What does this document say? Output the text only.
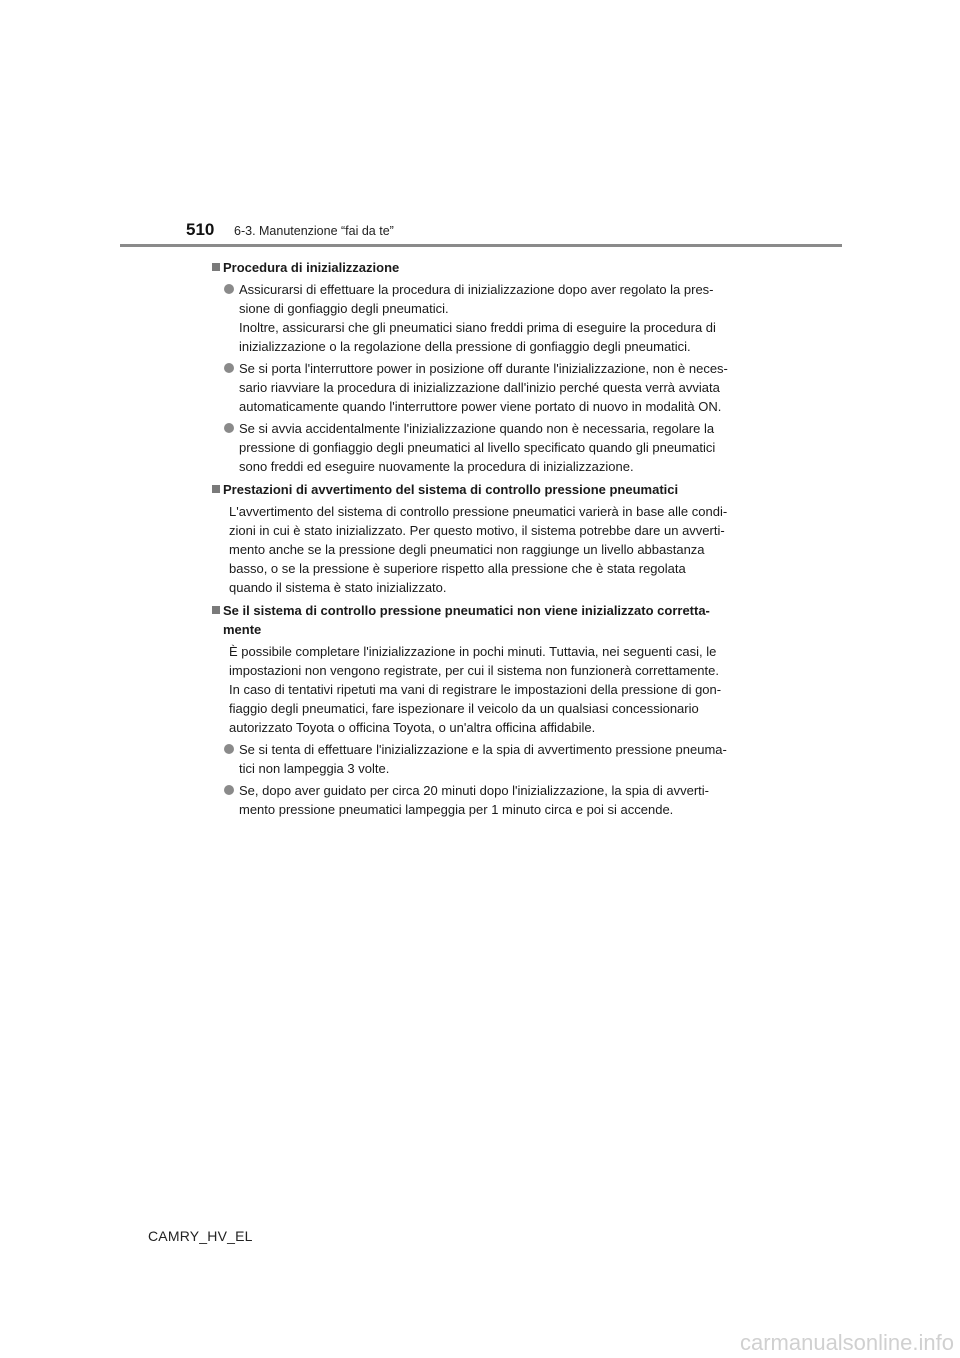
510 6-3. Manutenzione “fai da te”
Procedura di inizializzazione
Assicurarsi di effettuare la procedura di inizializzazione dopo aver regolato la pres-
sione di gonfiaggio degli pneumatici.
Inoltre, assicurarsi che gli pneumatici siano freddi prima di eseguire la procedura di
inizializzazione o la regolazione della pressione di gonfiaggio degli pneumatici.
Se si porta l'interruttore power in posizione off durante l'inizializzazione, non è neces-
sario riavviare la procedura di inizializzazione dall'inizio perché questa verrà avviata
automaticamente quando l'interruttore power viene portato di nuovo in modalità ON.
Se si avvia accidentalmente l'inizializzazione quando non è necessaria, regolare la
pressione di gonfiaggio degli pneumatici al livello specificato quando gli pneumatici
sono freddi ed eseguire nuovamente la procedura di inizializzazione.
Prestazioni di avvertimento del sistema di controllo pressione pneumatici
L'avvertimento del sistema di controllo pressione pneumatici varierà in base alle condi-
zioni in cui è stato inizializzato. Per questo motivo, il sistema potrebbe dare un avverti-
mento anche se la pressione degli pneumatici non raggiunge un livello abbastanza
basso, o se la pressione è superiore rispetto alla pressione che è stata regolata
quando il sistema è stato inizializzato.
Se il sistema di controllo pressione pneumatici non viene inizializzato corretta-
mente
È possibile completare l'inizializzazione in pochi minuti. Tuttavia, nei seguenti casi, le
impostazioni non vengono registrate, per cui il sistema non funzionerà correttamente.
In caso di tentativi ripetuti ma vani di registrare le impostazioni della pressione di gon-
fiaggio degli pneumatici, fare ispezionare il veicolo da un qualsiasi concessionario
autorizzato Toyota o officina Toyota, o un'altra officina affidabile.
Se si tenta di effettuare l'inizializzazione e la spia di avvertimento pressione pneuma-
tici non lampeggia 3 volte.
Se, dopo aver guidato per circa 20 minuti dopo l'inizializzazione, la spia di avverti-
mento pressione pneumatici lampeggia per 1 minuto circa e poi si accende.
CAMRY_HV_EL
carmanualsonline.info
